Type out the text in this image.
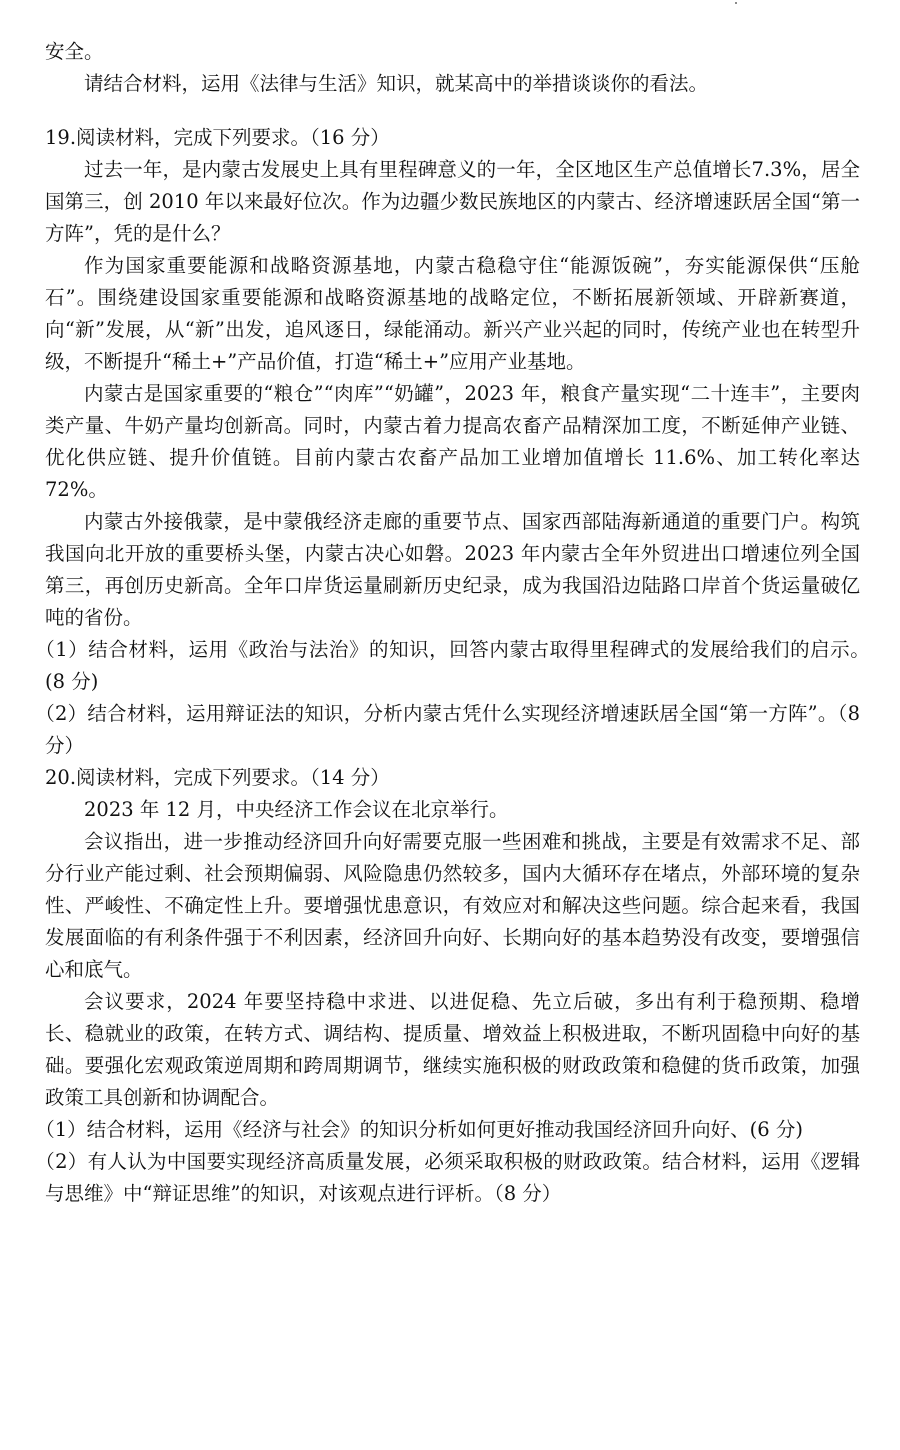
安全。

请结合材料，运用《法律与生活》知识，就某高中的举措谈谈你的看法。

19.阅读材料，完成下列要求。（16 分）

过去一年，是内蒙古发展史上具有里程碑意义的一年，全区地区生产总值增长7.3%，居全国第三，创 2010 年以来最好位次。作为边疆少数民族地区的内蒙古、经济增速跃居全国“第一方阵”，凭的是什么？

作为国家重要能源和战略资源基地，内蒙古稳稳守住“能源饭碗”，夯实能源保供“压舱石”。围绕建设国家重要能源和战略资源基地的战略定位，不断拓展新领域、开辟新赛道，向“新”发展，从“新”出发，追风逐日，绿能涌动。新兴产业兴起的同时，传统产业也在转型升级，不断提升“稀土+”产品价值，打造“稀土+”应用产业基地。

内蒙古是国家重要的“粮仓”“肉库”“奶罐”，2023 年，粮食产量实现“二十连丰”，主要肉类产量、牛奶产量均创新高。同时，内蒙古着力提高农畜产品精深加工度，不断延伸产业链、优化供应链、提升价值链。目前内蒙古农畜产品加工业增加值增长 11.6%、加工转化率达 72%。

内蒙古外接俄蒙，是中蒙俄经济走廊的重要节点、国家西部陆海新通道的重要门户。构筑我国向北开放的重要桥头堡，内蒙古决心如磐。2023 年内蒙古全年外贸进出口增速位列全国第三，再创历史新高。全年口岸货运量刷新历史纪录，成为我国沿边陆路口岸首个货运量破亿吨的省份。

（1）结合材料，运用《政治与法治》的知识，回答内蒙古取得里程碑式的发展给我们的启示。　(8 分)

（2）结合材料，运用辩证法的知识，分析内蒙古凭什么实现经济增速跃居全国“第一方阵”。（8 分）

20.阅读材料，完成下列要求。（14 分）

2023 年 12 月，中央经济工作会议在北京举行。

会议指出，进一步推动经济回升向好需要克服一些困难和挑战，主要是有效需求不足、部分行业产能过剩、社会预期偏弱、风险隐患仍然较多，国内大循环存在堵点，外部环境的复杂性、严峻性、不确定性上升。要增强忧患意识，有效应对和解决这些问题。综合起来看，我国发展面临的有利条件强于不利因素，经济回升向好、长期向好的基本趋势没有改变，要增强信心和底气。

会议要求，2024 年要坚持稳中求进、以进促稳、先立后破，多出有利于稳预期、稳增长、稳就业的政策，在转方式、调结构、提质量、增效益上积极进取，不断巩固稳中向好的基础。要强化宏观政策逆周期和跨周期调节，继续实施积极的财政政策和稳健的货币政策，加强政策工具创新和协调配合。

（1）结合材料，运用《经济与社会》的知识分析如何更好推动我国经济回升向好、(6 分)

（2）有人认为中国要实现经济高质量发展，必须采取积极的财政政策。结合材料，运用《逻辑与思维》中“辩证思维”的知识，对该观点进行评析。（8 分）
